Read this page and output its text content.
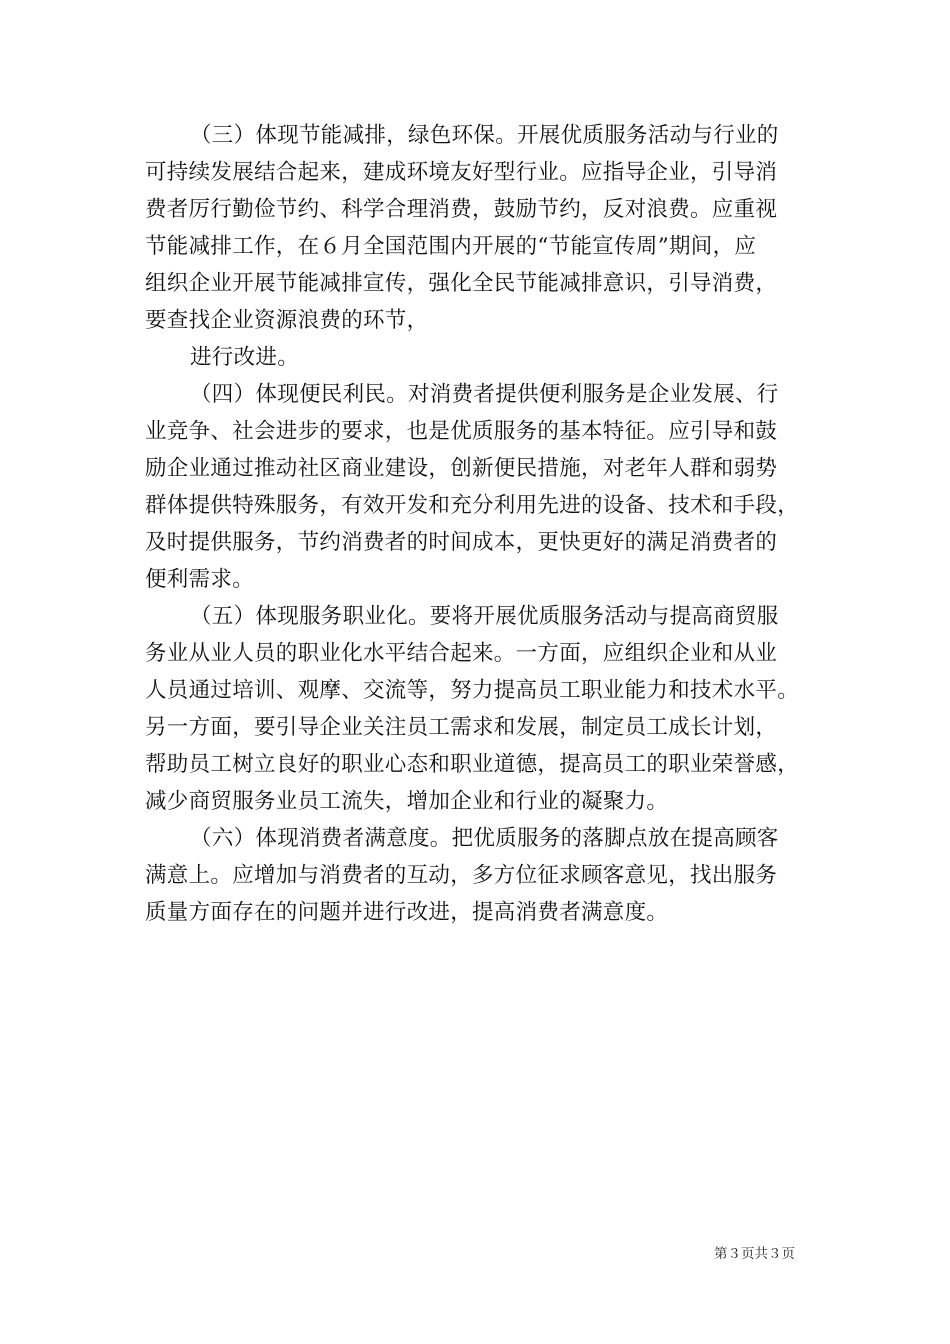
（三）体现节能减排，绿色环保。开展优质服务活动与行业的
可持续发展结合起来，建成环境友好型行业。应指导企业，引导消
费者厉行勤俭节约、科学合理消费，鼓励节约，反对浪费。应重视
节能减排工作，在６月全国范围内开展的“节能宣传周”期间，应
组织企业开展节能减排宣传，强化全民节能减排意识，引导消费，
要查找企业资源浪费的环节，
进行改进。
（四）体现便民利民。对消费者提供便利服务是企业发展、行
业竞争、社会进步的要求，也是优质服务的基本特征。应引导和鼓
励企业通过推动社区商业建设，创新便民措施，对老年人群和弱势
群体提供特殊服务，有效开发和充分利用先进的设备、技术和手段，
及时提供服务，节约消费者的时间成本，更快更好的满足消费者的
便利需求。
（五）体现服务职业化。要将开展优质服务活动与提高商贸服
务业从业人员的职业化水平结合起来。一方面，应组织企业和从业
人员通过培训、观摩、交流等，努力提高员工职业能力和技术水平。
另一方面，要引导企业关注员工需求和发展，制定员工成长计划，
帮助员工树立良好的职业心态和职业道德，提高员工的职业荣誉感，
减少商贸服务业员工流失，增加企业和行业的凝聚力。
（六）体现消费者满意度。把优质服务的落脚点放在提高顾客
满意上。应增加与消费者的互动，多方位征求顾客意见，找出服务
质量方面存在的问题并进行改进，提高消费者满意度。
第３页共３页
